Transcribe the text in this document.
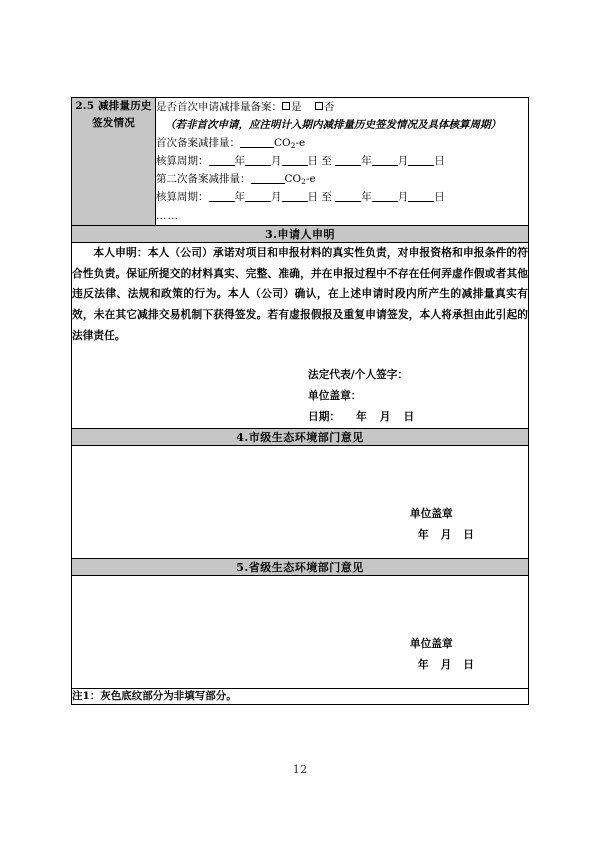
2.5 减排量历史签发情况	
是否首次申请减排量备案： 是 否
（若非首次申请，应注明计入期内减排量历史签发情况及具体核算周期）
首次备案减排量：	$CO_2-e$
核算周期： 年 月 日 至	年 月 日
第二次备案减排量：	$CO_2-e$
核算周期： 年 月 日 至	年 月 日
……

3.申请人申明

本人申明：本人（公司）承诺对项目和申报材料的真实性负责，对申报资格和申报条件的符合性负责。保证所提交的材料真实、完整、准确，并在申报过程中不存在任何弄虚作假或者其他违反法律、法规和政策的行为。本人（公司）确认，在上述申请时段内所产生的减排量真实有效，未在其它减排交易机制下获得签发。若有虚报假报及重复申请签发，本人将承担由此引起的法律责任。

法定代表/个人签字：
单位盖章：
日期： 年 月 日

4.市级生态环境部门意见

单位盖章
年 月 日

5.省级生态环境部门意见

单位盖章
年 月 日

注1：灰色底纹部分为非填写部分。
12
